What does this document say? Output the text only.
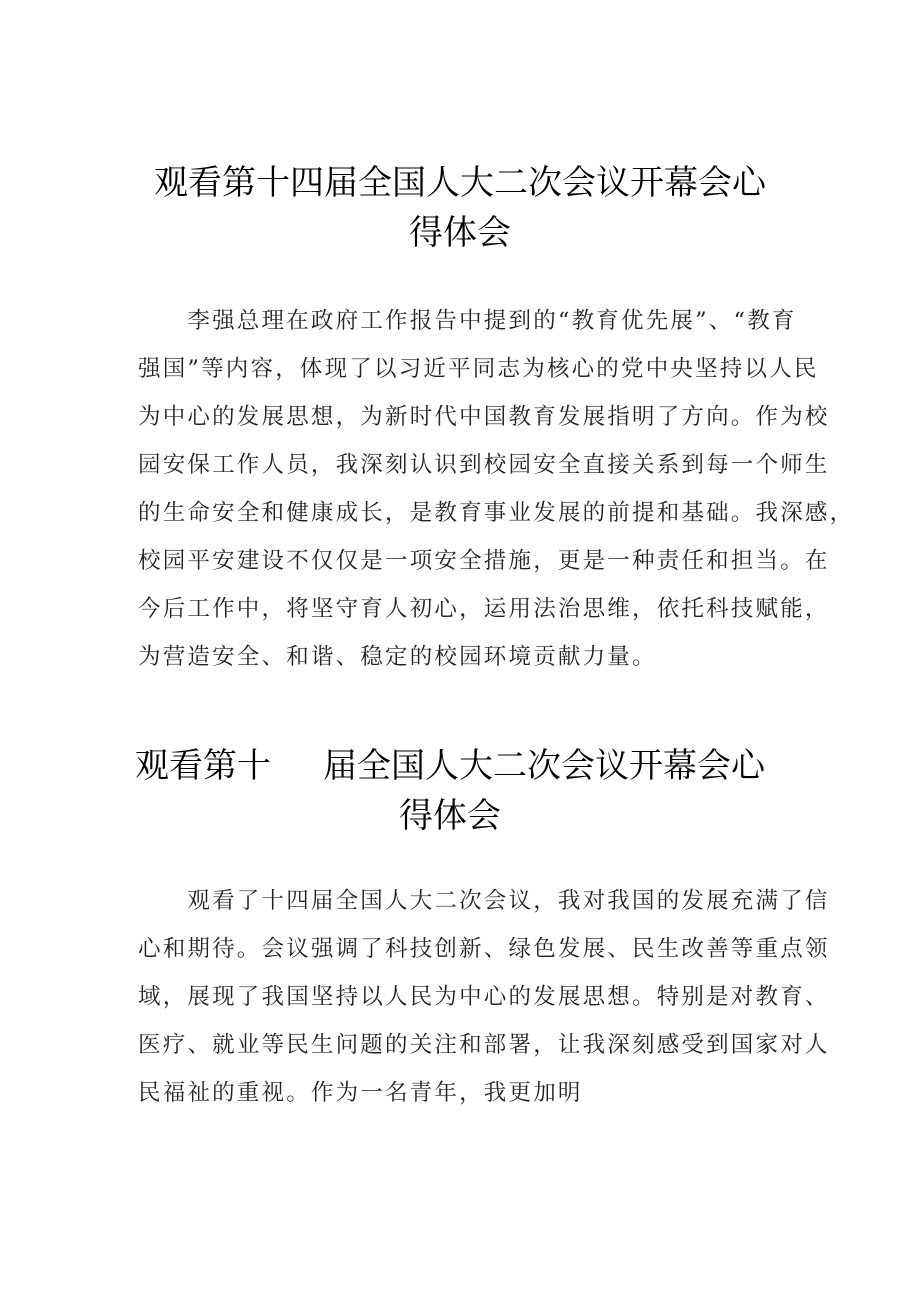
观看第十四届全国人大二次会议开幕会心
得体会

　　李强总理在政府工作报告中提到的“教育优先展”、“教育
强国”等内容，体现了以习近平同志为核心的党中央坚持以人民
为中心的发展思想，为新时代中国教育发展指明了方向。作为校
园安保工作人员，我深刻认识到校园安全直接关系到每一个师生
的生命安全和健康成长，是教育事业发展的前提和基础。我深感，
校园平安建设不仅仅是一项安全措施，更是一种责任和担当。在
今后工作中，将坚守育人初心，运用法治思维，依托科技赋能，
为营造安全、和谐、稳定的校园环境贡献力量。

观看第十 届全国人大二次会议开幕会心
得体会

　　观看了十四届全国人大二次会议，我对我国的发展充满了信
心和期待。会议强调了科技创新、绿色发展、民生改善等重点领
域，展现了我国坚持以人民为中心的发展思想。特别是对教育、
医疗、就业等民生问题的关注和部署，让我深刻感受到国家对人
民福祉的重视。作为一名青年，我更加明
